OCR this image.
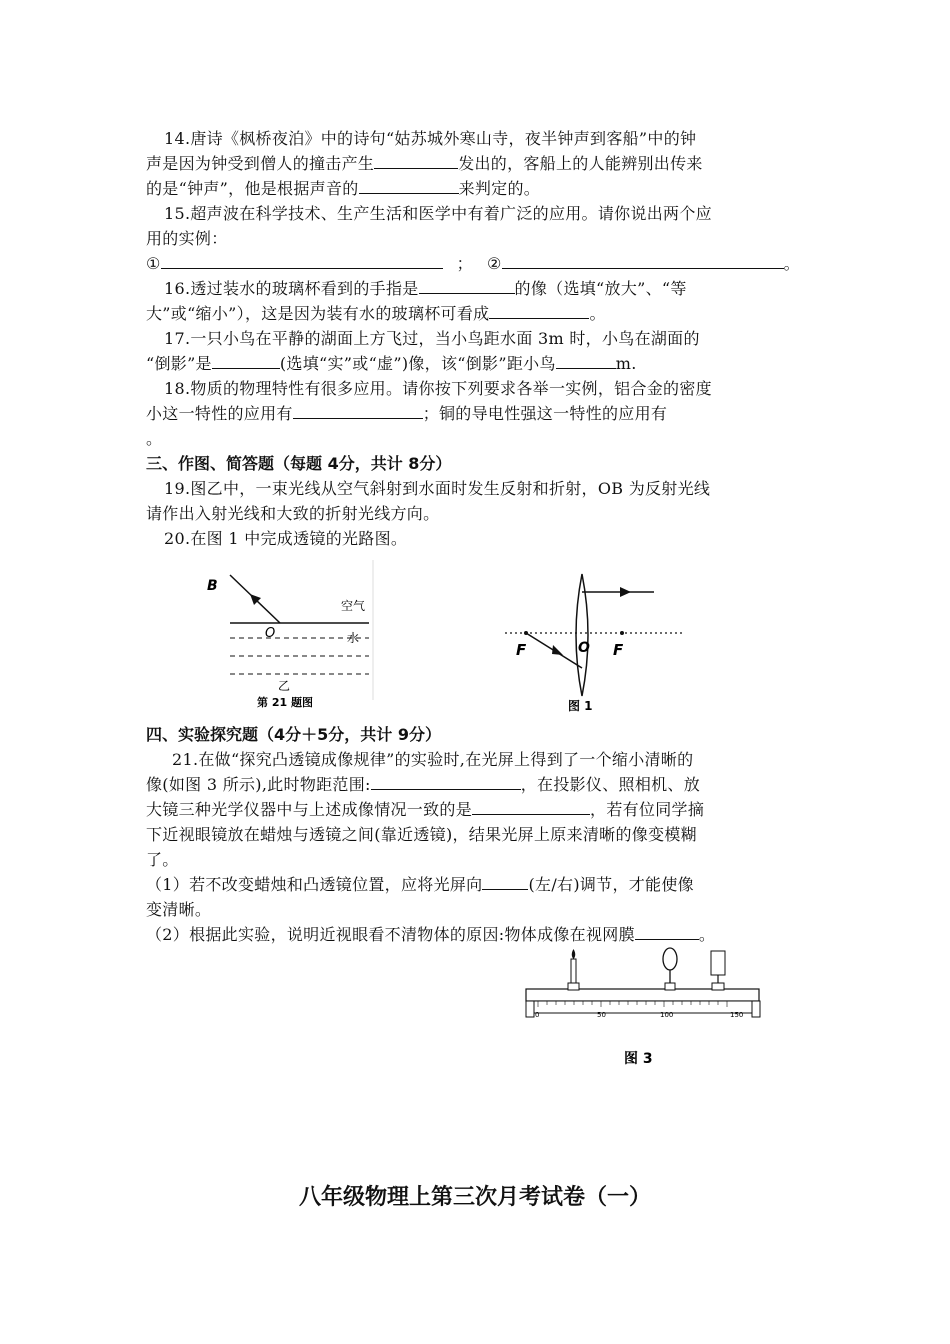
14.唐诗《枫桥夜泊》中的诗句“姑苏城外寒山寺，夜半钟声到客船”中的钟
声是因为钟受到僧人的撞击产生	发出的，客船上的人能辨别出传来
的是“钟声”，他是根据声音的	来判定的。
15.超声波在科学技术、生产生活和医学中有着广泛的应用。请你说出两个应
用的实例：
①	； ②	。
16.透过装水的玻璃杯看到的手指是	的像（选填“放大”、“等
大”或“缩小”），这是因为装有水的玻璃杯可看成	。
17.一只小鸟在平静的湖面上方飞过，当小鸟距水面 3m 时，小鸟在湖面的
“倒影”是	(选填“实”或“虚”)像，该“倒影”距小鸟	m.
18.物质的物理特性有很多应用。请你按下列要求各举一实例，铝合金的密度
小这一特性的应用有	；铜的导电性强这一特性的应用有
。
三、作图、简答题（每题 4分，共计 8分）
19.图乙中，一束光线从空气斜射到水面时发生反射和折射，OB 为反射光线
请作出入射光线和大致的折射光线方向。
20.在图 1 中完成透镜的光路图。
B
空气
O	水
乙
第 21 题图
F	O F
图 1
四、实验探究题（4分＋5分，共计 9分）
21.在做“探究凸透镜成像规律”的实验时,在光屏上得到了一个缩小清晰的
像(如图 3 所示),此时物距范围:	，在投影仪、照相机、放
大镜三种光学仪器中与上述成像情况一致的是	，若有位同学摘
下近视眼镜放在蜡烛与透镜之间(靠近透镜)，结果光屏上原来清晰的像变模糊
了。
（1）若不改变蜡烛和凸透镜位置，应将光屏向	(左/右)调节，才能使像
变清晰。
（2）根据此实验，说明近视眼看不清物体的原因:物体成像在视网膜	。
0	50	100	150
图 3
八年级物理上第三次月考试卷（一）
